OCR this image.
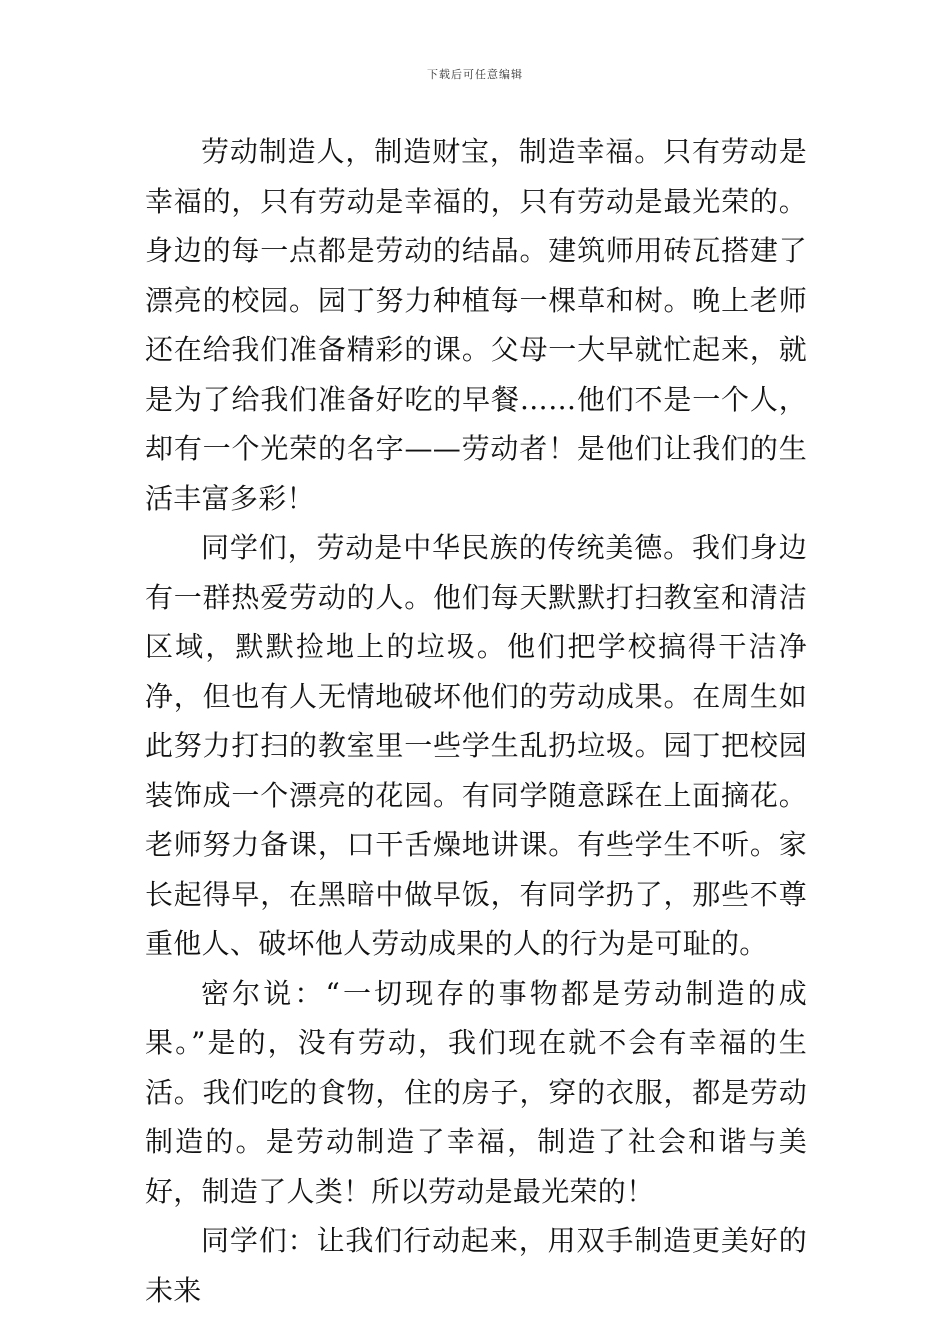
下载后可任意编辑

劳动制造人，制造财宝，制造幸福。只有劳动是幸福的，只有劳动是幸福的，只有劳动是最光荣的。身边的每一点都是劳动的结晶。建筑师用砖瓦搭建了漂亮的校园。园丁努力种植每一棵草和树。晚上老师还在给我们准备精彩的课。父母一大早就忙起来，就是为了给我们准备好吃的早餐……他们不是一个人，却有一个光荣的名字——劳动者！是他们让我们的生活丰富多彩！

同学们，劳动是中华民族的传统美德。我们身边有一群热爱劳动的人。他们每天默默打扫教室和清洁区域，默默捡地上的垃圾。他们把学校搞得干洁净净，但也有人无情地破坏他们的劳动成果。在周生如此努力打扫的教室里一些学生乱扔垃圾。园丁把校园装饰成一个漂亮的花园。有同学随意踩在上面摘花。老师努力备课，口干舌燥地讲课。有些学生不听。家长起得早，在黑暗中做早饭，有同学扔了，那些不尊重他人、破坏他人劳动成果的人的行为是可耻的。

密尔说：“一切现存的事物都是劳动制造的成果。”是的，没有劳动，我们现在就不会有幸福的生活。我们吃的食物，住的房子，穿的衣服，都是劳动制造的。是劳动制造了幸福，制造了社会和谐与美好，制造了人类！所以劳动是最光荣的！

同学们：让我们行动起来，用双手制造更美好的未来
